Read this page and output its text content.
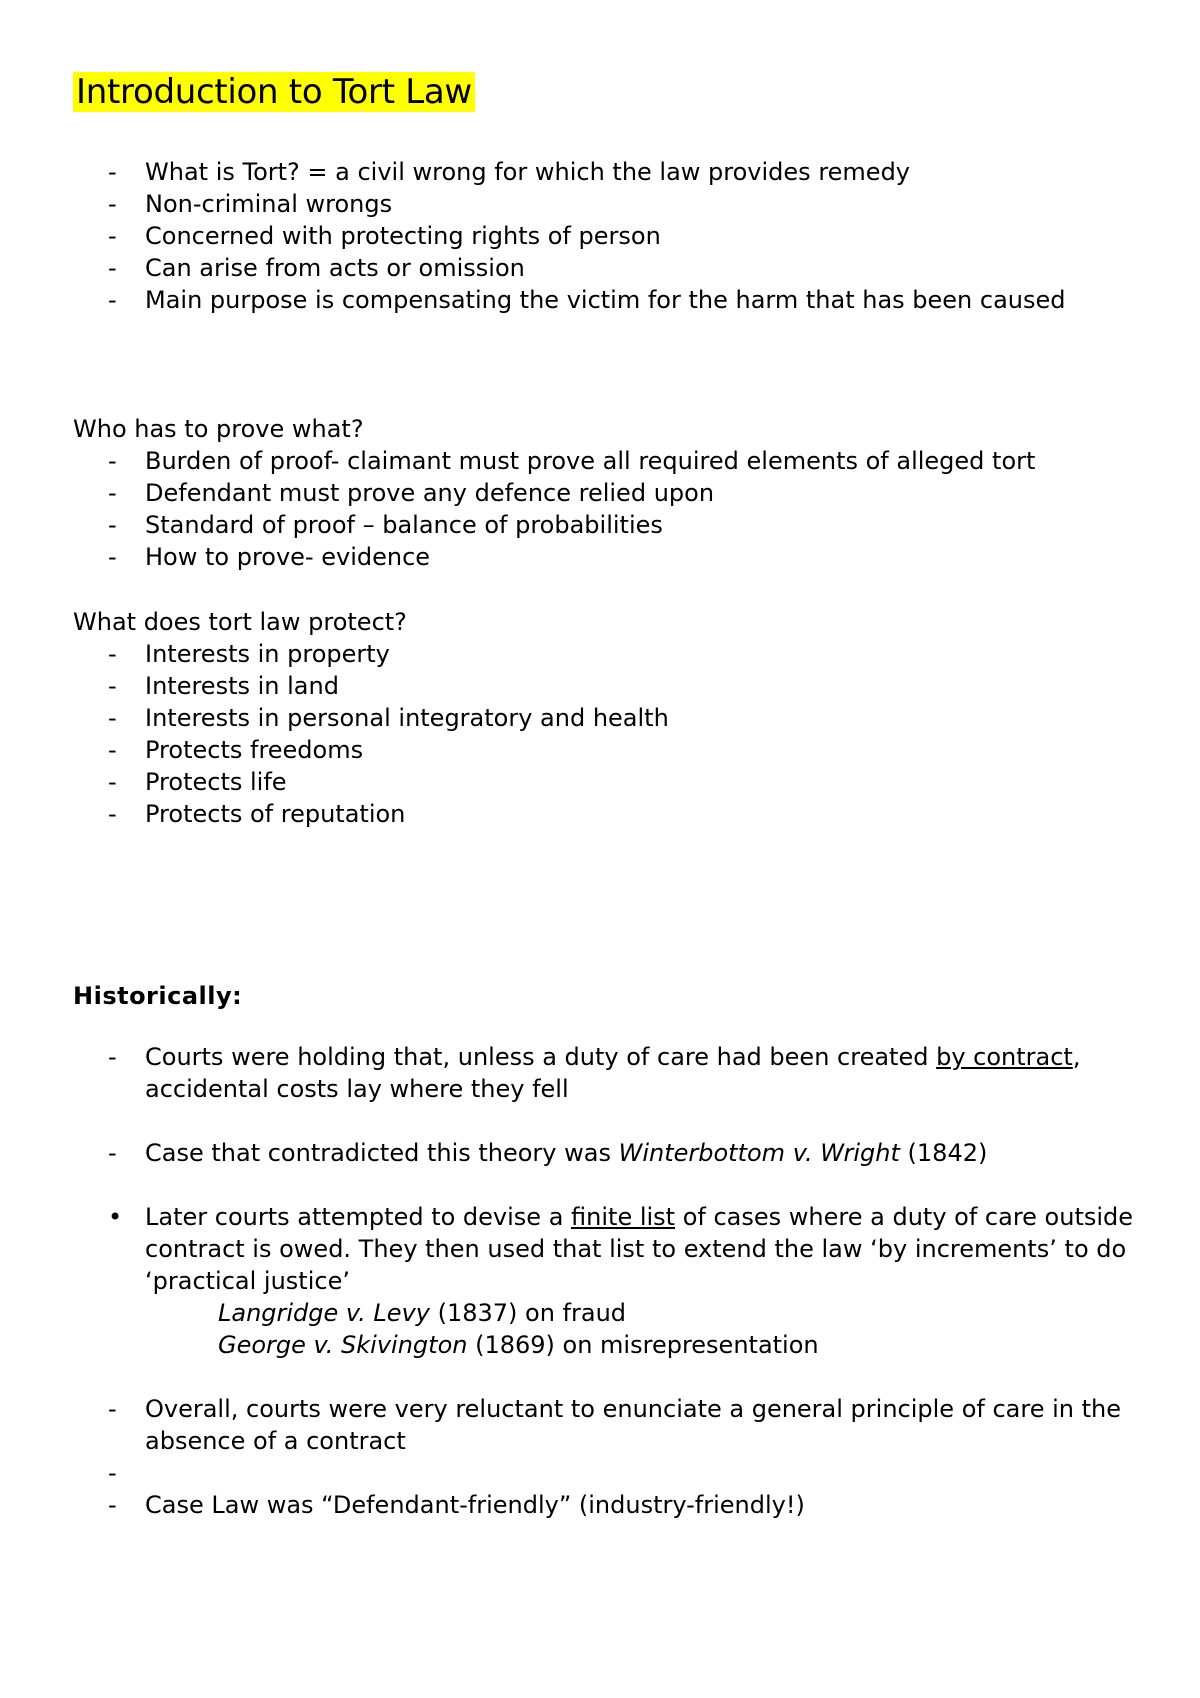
Introduction to Tort Law
- What is Tort? = a civil wrong for which the law provides remedy
- Non-criminal wrongs
- Concerned with protecting rights of person
- Can arise from acts or omission
- Main purpose is compensating the victim for the harm that has been caused

Who has to prove what?

- Burden of proof- claimant must prove all required elements of alleged tort
- Defendant must prove any defence relied upon
- Standard of proof – balance of probabilities
- How to prove- evidence

What does tort law protect?

- Interests in property
- Interests in land
- Interests in personal integratory and health
- Protects freedoms
- Protects life
- Protects of reputation

Historically:

- Courts were holding that, unless a duty of care had been created by contract, accidental costs lay where they fell
- Case that contradicted this theory was Winterbottom v. Wright (1842)
• Later courts attempted to devise a finite list of cases where a duty of care outside contract is owed. They then used that list to extend the law ‘by increments’ to do ‘practical justice’
Langridge v. Levy (1837) on fraud
George v. Skivington (1869) on misrepresentation
- Overall, courts were very reluctant to enunciate a general principle of care in the absence of a contract
-

- Case Law was “Defendant-friendly” (industry-friendly!)
